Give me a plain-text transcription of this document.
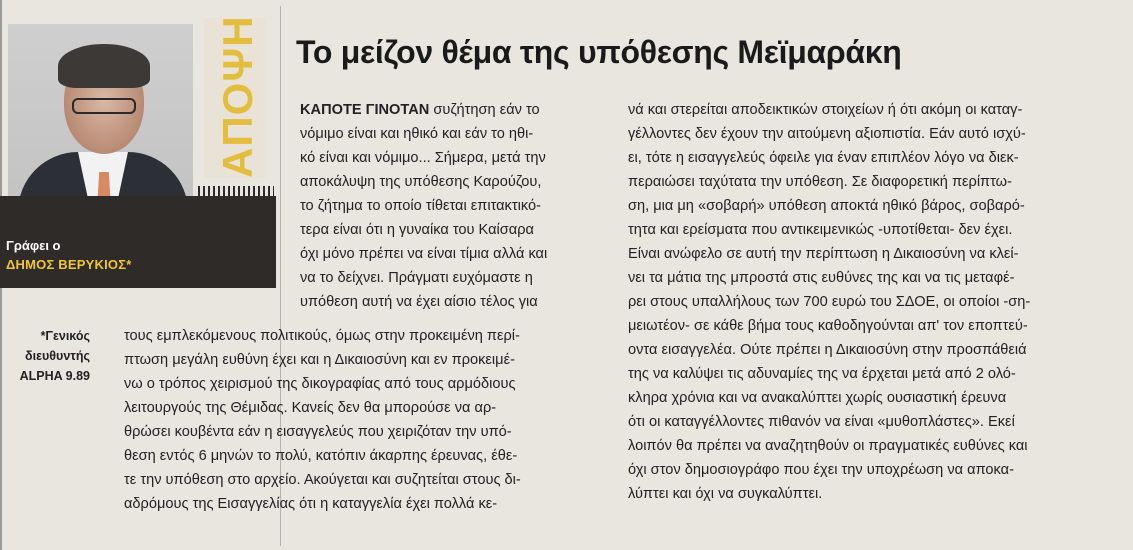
ΑΠΟΨΗ
Γράφει ο
ΔΗΜΟΣ ΒΕΡΥΚΙΟΣ*
*Γενικός
διευθυντής
ALPHA 9.89
Το μείζον θέμα της υπόθεσης Μεϊμαράκη
ΚΑΠΟΤΕ ΓΙΝΟΤΑΝ συζήτηση εάν το
νόμιμο είναι και ηθικό και εάν το ηθι-
κό είναι και νόμιμο... Σήμερα, μετά την
αποκάλυψη της υπόθεσης Καρούζου,
το ζήτημα το οποίο τίθεται επιτακτικό-
τερα είναι ότι η γυναίκα του Καίσαρα
όχι μόνο πρέπει να είναι τίμια αλλά και
να το δείχνει. Πράγματι ευχόμαστε η
υπόθεση αυτή να έχει αίσιο τέλος για
τους εμπλεκόμενους πολιτικούς, όμως στην προκειμένη περί-
πτωση μεγάλη ευθύνη έχει και η Δικαιοσύνη και εν προκειμέ-
νω ο τρόπος χειρισμού της δικογραφίας από τους αρμόδιους
λειτουργούς της Θέμιδας. Κανείς δεν θα μπορούσε να αρ-
θρώσει κουβέντα εάν η εισαγγελεύς που χειριζόταν την υπό-
θεση εντός 6 μηνών το πολύ, κατόπιν άκαρπης έρευνας, έθε-
τε την υπόθεση στο αρχείο. Ακούγεται και συζητείται στους δι-
αδρόμους της Εισαγγελίας ότι η καταγγελία έχει πολλά κε-
νά και στερείται αποδεικτικών στοιχείων ή ότι ακόμη οι καταγ-
γέλλοντες δεν έχουν την αιτούμενη αξιοπιστία. Εάν αυτό ισχύ-
ει, τότε η εισαγγελεύς όφειλε για έναν επιπλέον λόγο να διεκ-
περαιώσει ταχύτατα την υπόθεση. Σε διαφορετική περίπτω-
ση, μια μη «σοβαρή» υπόθεση αποκτά ηθικό βάρος, σοβαρό-
τητα και ερείσματα που αντικειμενικώς -υποτίθεται- δεν έχει.
Είναι ανώφελο σε αυτή την περίπτωση η Δικαιοσύνη να κλεί-
νει τα μάτια της μπροστά στις ευθύνες της και να τις μεταφέ-
ρει στους υπαλλήλους των 700 ευρώ του ΣΔΟΕ, οι οποίοι -ση-
μειωτέον- σε κάθε βήμα τους καθοδηγούνται απ' τον εποπτεύ-
οντα εισαγγελέα. Ούτε πρέπει η Δικαιοσύνη στην προσπάθειά
της να καλύψει τις αδυναμίες της να έρχεται μετά από 2 ολό-
κληρα χρόνια και να ανακαλύπτει χωρίς ουσιαστική έρευνα
ότι οι καταγγέλλοντες πιθανόν να είναι «μυθοπλάστες». Εκεί
λοιπόν θα πρέπει να αναζητηθούν οι πραγματικές ευθύνες και
όχι στον δημοσιογράφο που έχει την υποχρέωση να αποκα-
λύπτει και όχι να συγκαλύπτει.
